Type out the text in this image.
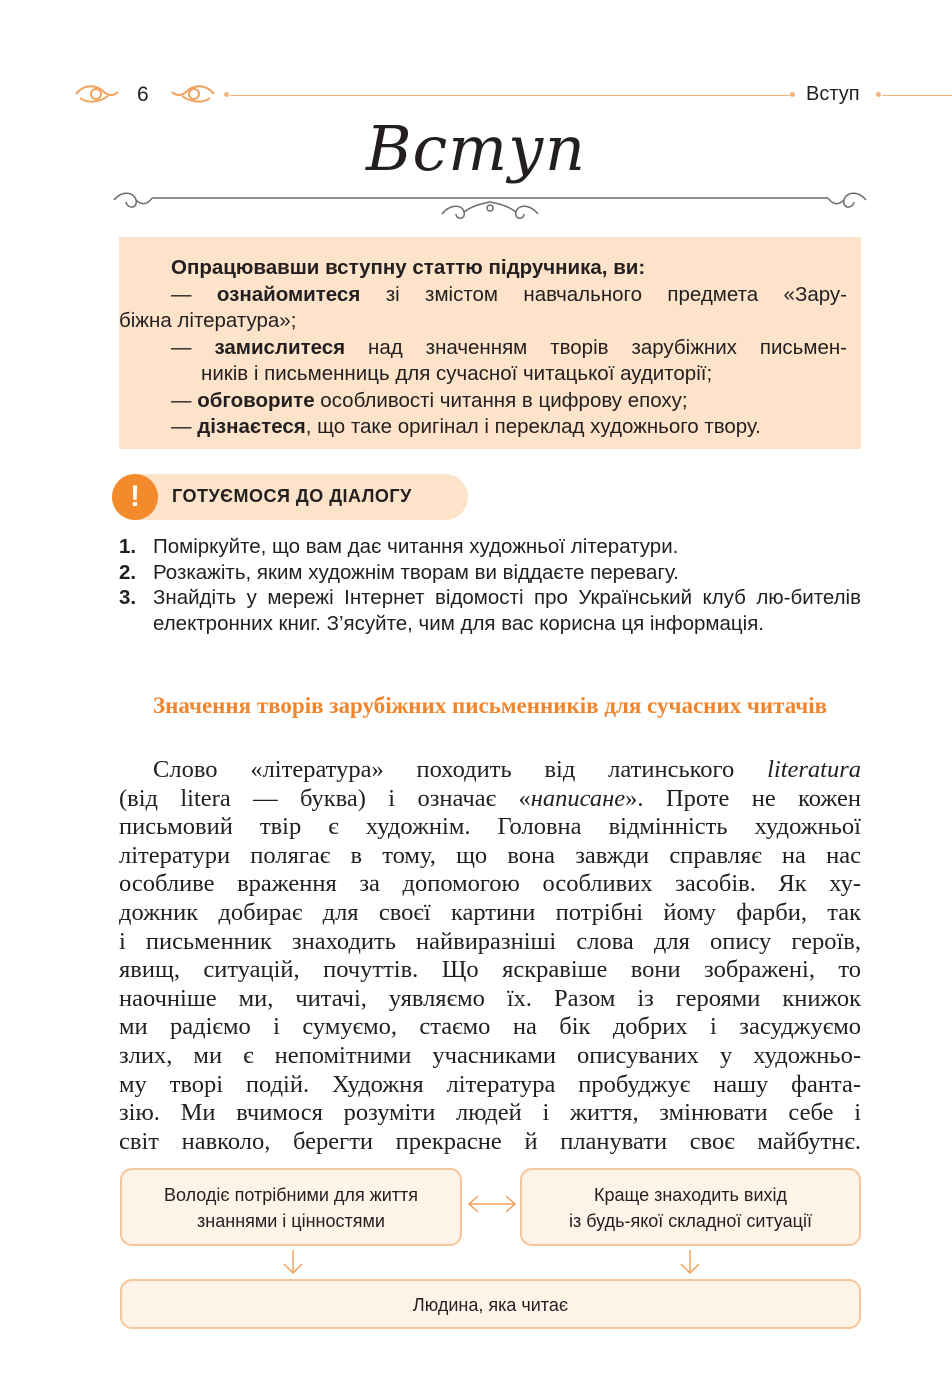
6	Вступ
Вступ

Опрацювавши вступну статтю підручника, ви:

— ознайомитеся зі змістом навчального предмета «Зару-

біжна література»;

— замислитеся над значенням творів зарубіжних письмен-

ників і письменниць для сучасної читацької аудиторії;

— обговорите особливості читання в цифрову епоху;

— дізнаєтеся, що таке оригінал і переклад художнього твору.

!	ГОТУЄМОСЯ ДО ДІАЛОГУ
1. Поміркуйте, що вам дає читання художньої літератури.
2. Розкажіть, яким художнім творам ви віддаєте перевагу.
3. Знайдіть у мережі Інтернет відомості про Український клуб лю-бителів електронних книг. З’ясуйте, чим для вас корисна ця інформація.

Значення творів зарубіжних письменників для сучасних читачів

Слово «література» походить від латинського literatura
(від litera — буква) і означає «написане». Проте не кожен
письмовий твір є художнім. Головна відмінність художньої
літератури полягає в тому, що вона завжди справляє на нас
особливе враження за допомогою особливих засобів. Як ху-
дожник добирає для своєї картини потрібні йому фарби, так
і письменник знаходить найвиразніші слова для опису героїв,
явищ, ситуацій, почуттів. Що яскравіше вони зображені, то
наочніше ми, читачі, уявляємо їх. Разом із героями книжок
ми радіємо і сумуємо, стаємо на бік добрих і засуджуємо
злих, ми є непомітними учасниками описуваних у художньо-
му творі подій. Художня література пробуджує нашу фанта-
зію. Ми вчимося розуміти людей і життя, змінювати себе і
світ навколо, берегти прекрасне й планувати своє майбутнє.
Володіє потрібними для життя
знаннями і цінностями
Краще знаходить вихід
із будь-якої складної ситуації
Людина, яка читає
